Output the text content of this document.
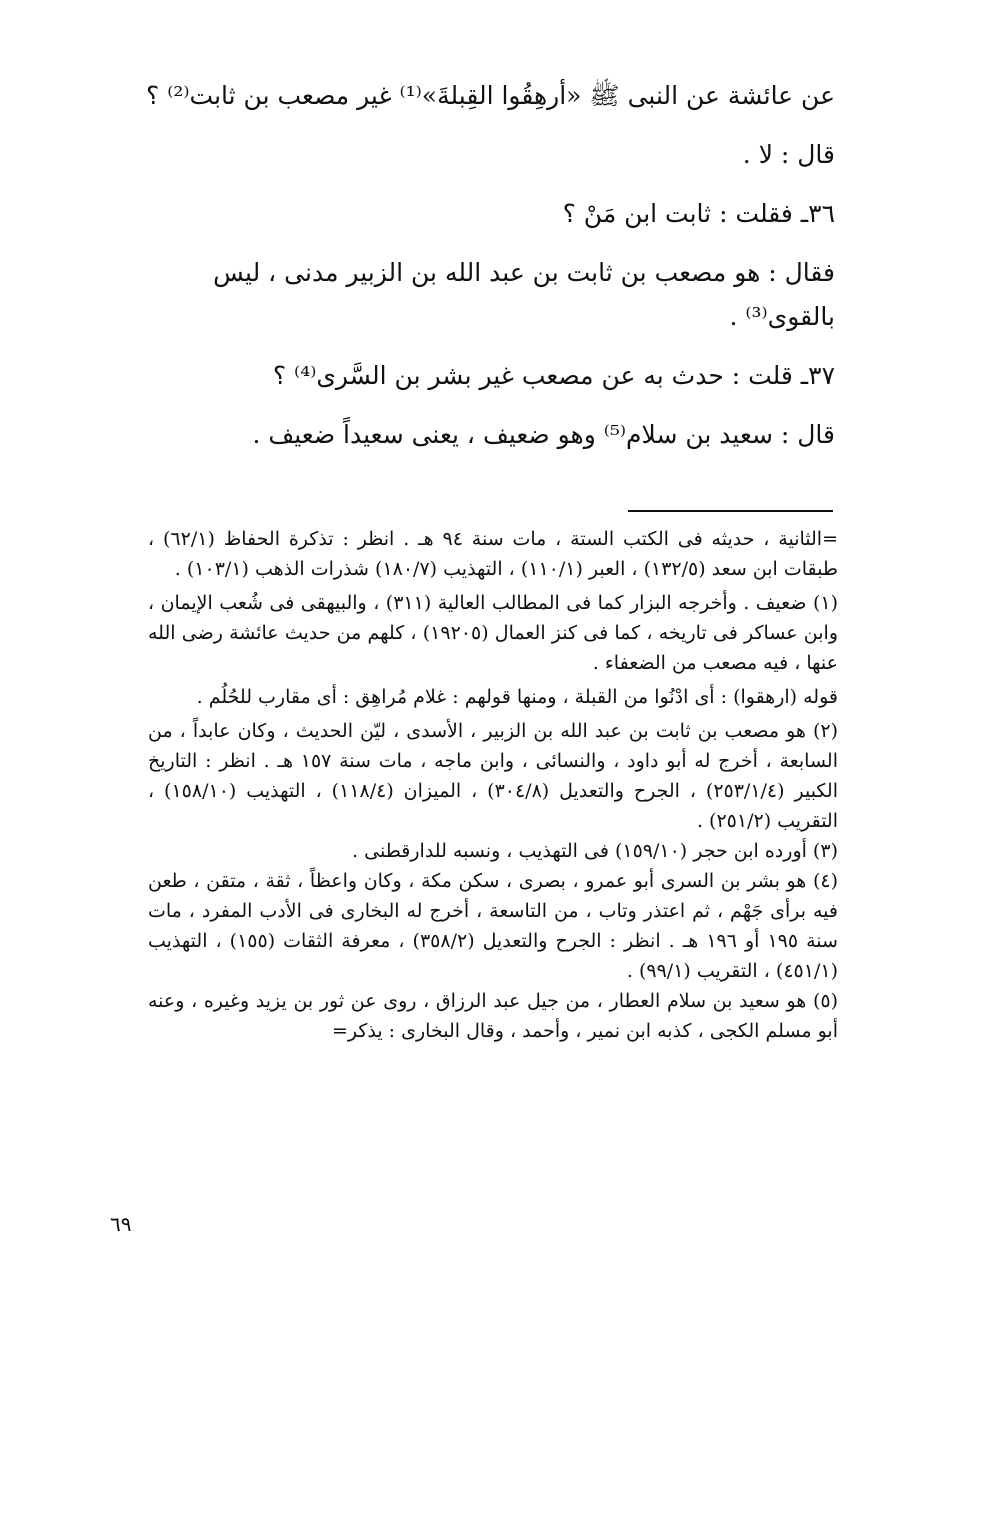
عن عائشة عن النبى ﷺ «أرهِقُوا القِبلةَ»⁽¹⁾ غير مصعب بن ثابت⁽²⁾ ؟
قال : لا .
٣٦ـ فقلت : ثابت ابن مَنْ ؟
فقال : هو مصعب بن ثابت بن عبد الله بن الزبير مدنى ، ليس
بالقوى⁽³⁾ .
٣٧ـ قلت : حدث به عن مصعب غير بشر بن السَّرى⁽⁴⁾ ؟
قال : سعيد بن سلام⁽⁵⁾ وهو ضعيف ، يعنى سعيداً ضعيف .

=الثانية ، حديثه فى الكتب الستة ، مات سنة ٩٤ هـ . انظر : تذكرة الحفاظ (٦٢/١) ، طبقات ابن سعد (١٣٢/٥) ، العبر (١١٠/١) ، التهذيب (١٨٠/٧) شذرات الذهب (١٠٣/١) .

(١) ضعيف . وأخرجه البزار كما فى المطالب العالية (٣١١) ، والبيهقى فى شُعب الإيمان ، وابن عساكر فى تاريخه ، كما فى كنز العمال (١٩٢٠٥) ، كلهم من حديث عائشة رضى الله عنها ، فيه مصعب من الضعفاء .

قوله (ارهقوا) : أى ادْنُوا من القبلة ، ومنها قولهم : غلام مُراهِق : أى مقارب للحُلُم .

(٢) هو مصعب بن ثابت بن عبد الله بن الزبير ، الأسدى ، ليّن الحديث ، وكان عابداً ، من السابعة ، أخرج له أبو داود ، والنسائى ، وابن ماجه ، مات سنة ١٥٧ هـ . انظر : التاريخ الكبير (٢٥٣/١/٤) ، الجرح والتعديل (٣٠٤/٨) ، الميزان (١١٨/٤) ، التهذيب (١٥٨/١٠) ، التقريب (٢٥١/٢) .

(٣) أورده ابن حجر (١٥٩/١٠) فى التهذيب ، ونسبه للدارقطنى .

(٤) هو بشر بن السرى أبو عمرو ، بصرى ، سكن مكة ، وكان واعظاً ، ثقة ، متقن ، طعن فيه برأى جَهْم ، ثم اعتذر وتاب ، من التاسعة ، أخرج له البخارى فى الأدب المفرد ، مات سنة ١٩٥ أو ١٩٦ هـ . انظر : الجرح والتعديل (٣٥٨/٢) ، معرفة الثقات (١٥٥) ، التهذيب (٤٥١/١) ، التقريب (٩٩/١) .

(٥) هو سعيد بن سلام العطار ، من جيل عبد الرزاق ، روى عن ثور بن يزيد وغيره ، وعنه أبو مسلم الكجى ، كذبه ابن نمير ، وأحمد ، وقال البخارى : يذكر=

٦٩
